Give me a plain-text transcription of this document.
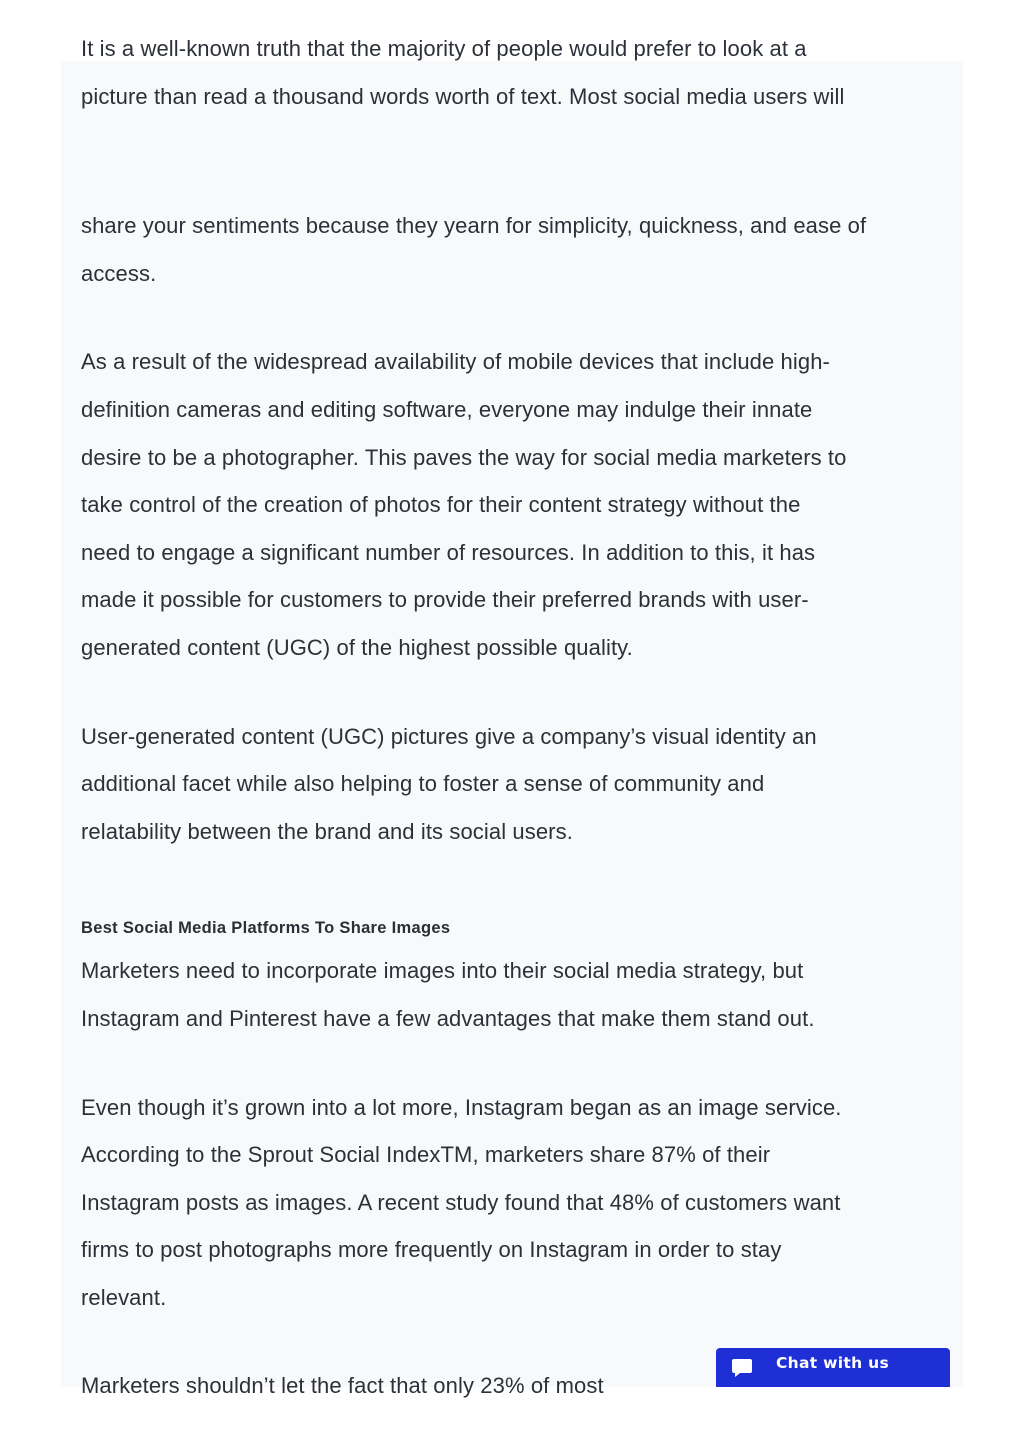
It is a well-known truth that the majority of people would prefer to look at a

picture than read a thousand words worth of text. Most social media users will

share your sentiments because they yearn for simplicity, quickness, and ease of

access.

As a result of the widespread availability of mobile devices that include high-

definition cameras and editing software, everyone may indulge their innate

desire to be a photographer. This paves the way for social media marketers to

take control of the creation of photos for their content strategy without the

need to engage a significant number of resources. In addition to this, it has

made it possible for customers to provide their preferred brands with user-

generated content (UGC) of the highest possible quality.

User-generated content (UGC) pictures give a company’s visual identity an

additional facet while also helping to foster a sense of community and

relatability between the brand and its social users.

Best Social Media Platforms To Share Images

Marketers need to incorporate images into their social media strategy, but

Instagram and Pinterest have a few advantages that make them stand out.

Even though it’s grown into a lot more, Instagram began as an image service.

According to the Sprout Social IndexTM, marketers share 87% of their

Instagram posts as images. A recent study found that 48% of customers want

firms to post photographs more frequently on Instagram in order to stay

relevant.

Marketers shouldn’t let the fact that only 23% of most

Chat with us
